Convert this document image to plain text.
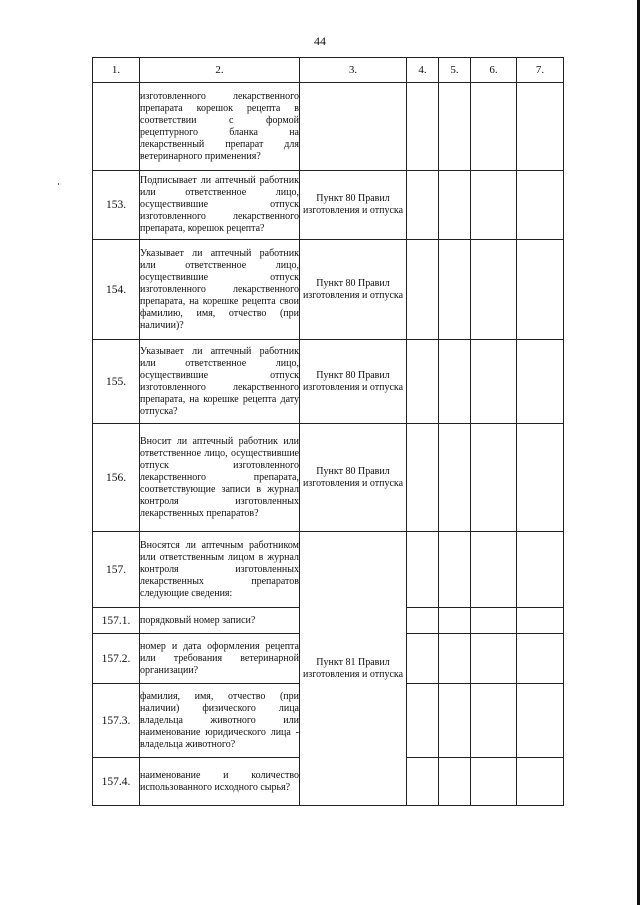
44
1.	2.	3.	4.	5.	6.	7.
	изготовленного лекарственного препарата корешок рецепта в соответствии с формой рецептурного бланка на лекарственный препарат для ветеринарного применения?					
153.	Подписывает ли аптечный работник или ответственное лицо, осуществившие отпуск изготовленного лекарственного препарата, корешок рецепта?	Пункт 80 Правил изготовления и отпуска				
154.	Указывает ли аптечный работник или ответственное лицо, осуществившие отпуск изготовленного лекарственного препарата, на корешке рецепта свои фамилию, имя, отчество (при наличии)?	Пункт 80 Правил изготовления и отпуска				
155.	Указывает ли аптечный работник или ответственное лицо, осуществившие отпуск изготовленного лекарственного препарата, на корешке рецепта дату отпуска?	Пункт 80 Правил изготовления и отпуска				
156.	Вносит ли аптечный работник или ответственное лицо, осуществившие отпуск изготовленного лекарственного препарата, соответствующие записи в журнал контроля изготовленных лекарственных препаратов?	Пункт 80 Правил изготовления и отпуска				
157.	Вносятся ли аптечным работником или ответственным лицом в журнал контроля изготовленных лекарственных препаратов следующие сведения:	Пункт 81 Правил изготовления и отпуска				
157.1.	порядковый номер записи?					
157.2.	номер и дата оформления рецепта или требования ветеринарной организации?					
157.3.	фамилия, имя, отчество (при наличии) физического лица владельца животного или наименование юридического лица - владельца животного?					
157.4.	наименование и количество использованного исходного сырья?					
